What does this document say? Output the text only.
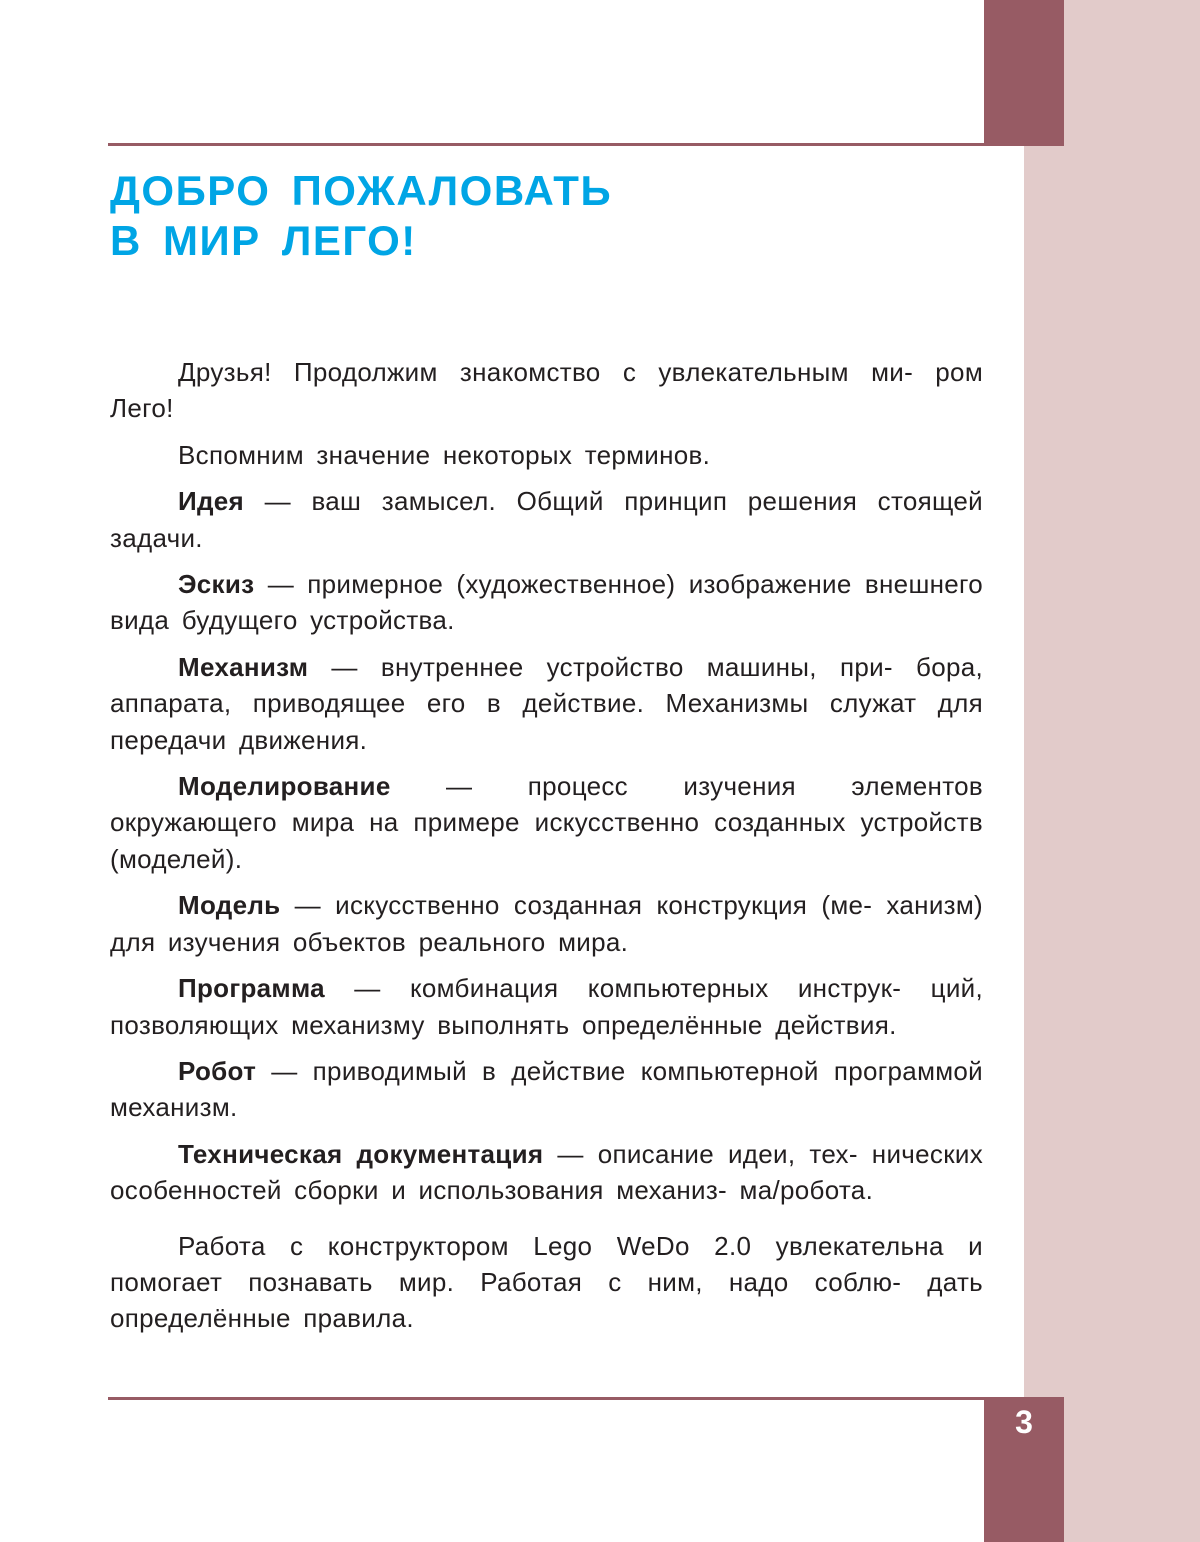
ДОБРО ПОЖАЛОВАТЬ
В МИР ЛЕГО!

Друзья! Продолжим знакомство с увлекательным ми- ром Лего!

Вспомним значение некоторых терминов.

Идея — ваш замысел. Общий принцип решения стоящей задачи.

Эскиз — примерное (художественное) изображение внешнего вида будущего устройства.

Механизм — внутреннее устройство машины, при- бора, аппарата, приводящее его в действие. Механизмы служат для передачи движения.

Моделирование — процесс изучения элементов окружающего мира на примере искусственно созданных устройств (моделей).

Модель — искусственно созданная конструкция (ме- ханизм) для изучения объектов реального мира.

Программа — комбинация компьютерных инструк- ций, позволяющих механизму выполнять определённые действия.

Робот — приводимый в действие компьютерной программой механизм.

Техническая документация — описание идеи, тех- нических особенностей сборки и использования механиз- ма/робота.

Работа с конструктором Lego WeDo 2.0 увлекательна и помогает познавать мир. Работая с ним, надо соблю- дать определённые правила.

3
